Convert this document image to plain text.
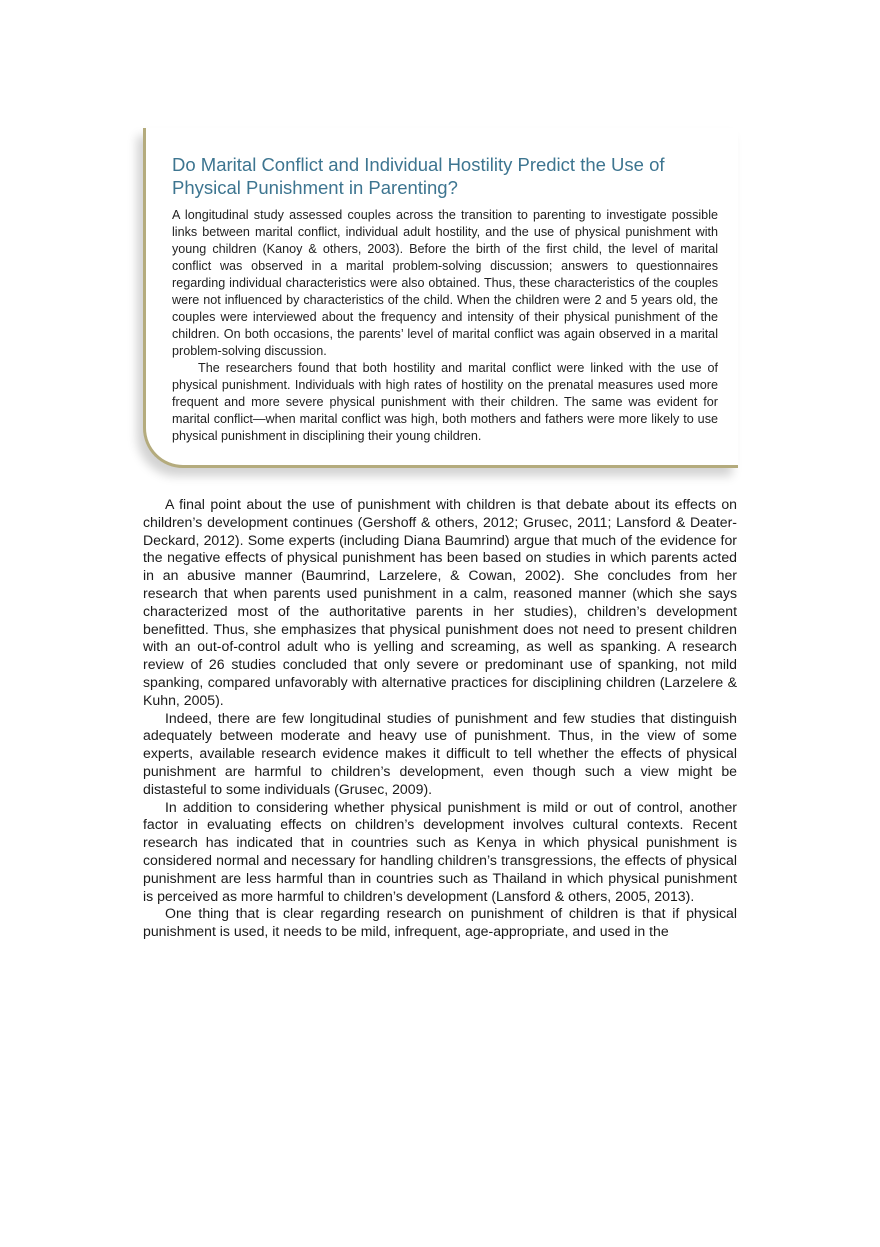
Do Marital Conflict and Individual Hostility Predict the Use of Physical Punishment in Parenting?

A longitudinal study assessed couples across the transition to parenting to investigate possible links between marital conflict, individual adult hostility, and the use of physical punishment with young children (Kanoy & others, 2003). Before the birth of the first child, the level of marital conflict was observed in a marital problem-solving discussion; answers to questionnaires regarding individual characteristics were also obtained. Thus, these characteristics of the couples were not influenced by characteristics of the child. When the children were 2 and 5 years old, the couples were interviewed about the frequency and intensity of their physical punishment of the children. On both occasions, the parents’ level of marital conflict was again observed in a marital problem-solving discussion.

The researchers found that both hostility and marital conflict were linked with the use of physical punishment. Individuals with high rates of hostility on the prenatal measures used more frequent and more severe physical punishment with their children. The same was evident for marital conflict—when marital conflict was high, both mothers and fathers were more likely to use physical punishment in disciplining their young children.

A final point about the use of punishment with children is that debate about its effects on children’s development continues (Gershoff & others, 2012; Grusec, 2011; Lansford & Deater-Deckard, 2012). Some experts (including Diana Baumrind) argue that much of the evidence for the negative effects of physical punishment has been based on studies in which parents acted in an abusive manner (Baumrind, Larzelere, & Cowan, 2002). She concludes from her research that when parents used punishment in a calm, reasoned manner (which she says characterized most of the authoritative parents in her studies), children’s development benefitted. Thus, she emphasizes that physical punishment does not need to present children with an out-of-control adult who is yelling and screaming, as well as spanking. A research review of 26 studies concluded that only severe or predominant use of spanking, not mild spanking, compared unfavorably with alternative practices for disciplining children (Larzelere & Kuhn, 2005).

Indeed, there are few longitudinal studies of punishment and few studies that distinguish adequately between moderate and heavy use of punishment. Thus, in the view of some experts, available research evidence makes it difficult to tell whether the effects of physical punishment are harmful to children’s development, even though such a view might be distasteful to some individuals (Grusec, 2009).

In addition to considering whether physical punishment is mild or out of control, another factor in evaluating effects on children’s development involves cultural contexts. Recent research has indicated that in countries such as Kenya in which physical punishment is considered normal and necessary for handling children’s transgressions, the effects of physical punishment are less harmful than in countries such as Thailand in which physical punishment is perceived as more harmful to children’s development (Lansford & others, 2005, 2013).

One thing that is clear regarding research on punishment of children is that if physical punishment is used, it needs to be mild, infrequent, age-appropriate, and used in the
